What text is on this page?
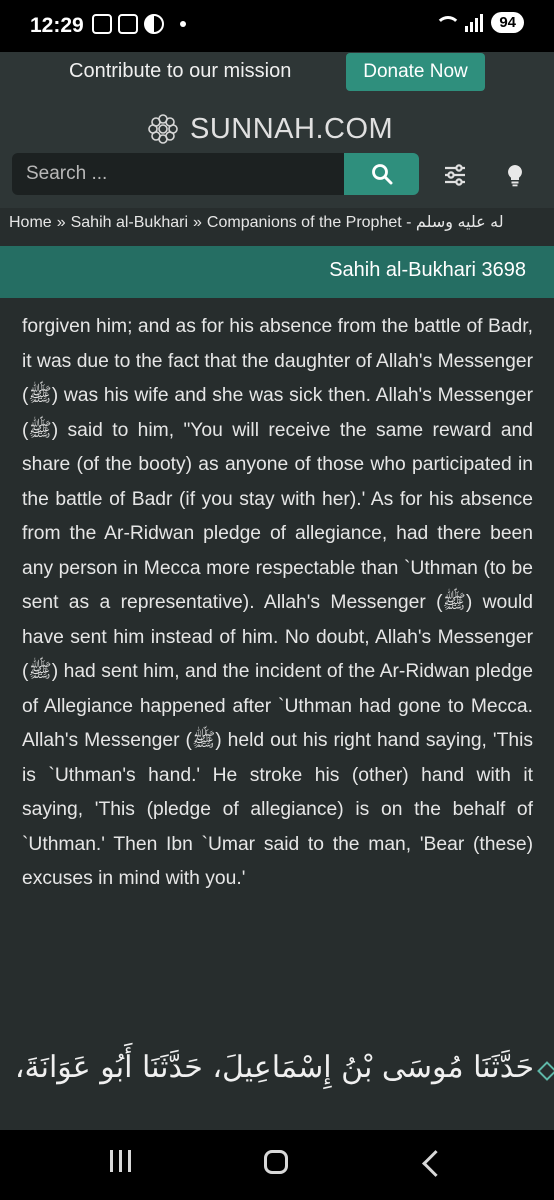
12:29	94
Contribute to our mission	Donate Now
SUNNAH.COM
Search ...
Home » Sahih al-Bukhari » Companions of the Prophet - له عليه وسلم
Sahih al-Bukhari 3698
forgiven him; and as for his absence from the battle of Badr, it was due to the fact that the daughter of Allah's Messenger (ﷺ) was his wife and she was sick then. Allah's Messenger (ﷺ) said to him, "You will receive the same reward and share (of the booty) as anyone of those who participated in the battle of Badr (if you stay with her).' As for his absence from the Ar-Ridwan pledge of allegiance, had there been any person in Mecca more respectable than `Uthman (to be sent as a representative). Allah's Messenger (ﷺ) would have sent him instead of him. No doubt, Allah's Messenger (ﷺ) had sent him, and the incident of the Ar-Ridwan pledge of Allegiance happened after `Uthman had gone to Mecca. Allah's Messenger (ﷺ) held out his right hand saying, 'This is `Uthman's hand.' He stroke his (other) hand with it saying, 'This (pledge of allegiance) is on the behalf of `Uthman.' Then Ibn `Umar said to the man, 'Bear (these) excuses in mind with you.'
حَدَّثَنَا مُوسَى بْنُ إِسْمَاعِيلَ، حَدَّثَنَا أَبُو عَوَانَةَ،
